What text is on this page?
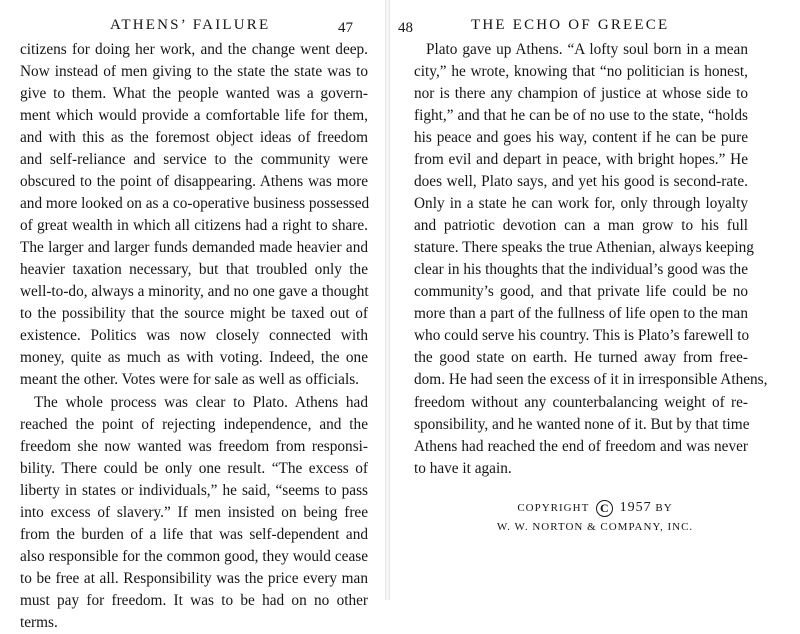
ATHENS’ FAILURE	47
citizens for doing her work, and the change went deep.
Now instead of men giving to the state the state was to
give to them. What the people wanted was a govern-
ment which would provide a comfortable life for them,
and with this as the foremost object ideas of freedom
and self-reliance and service to the community were
obscured to the point of disappearing. Athens was more
and more looked on as a co-operative business possessed
of great wealth in which all citizens had a right to share.
The larger and larger funds demanded made heavier and
heavier taxation necessary, but that troubled only the
well-to-do, always a minority, and no one gave a thought
to the possibility that the source might be taxed out of
existence. Politics was now closely connected with
money, quite as much as with voting. Indeed, the one
meant the other. Votes were for sale as well as officials.
The whole process was clear to Plato. Athens had
reached the point of rejecting independence, and the
freedom she now wanted was freedom from responsi-
bility. There could be only one result. “The excess of
liberty in states or individuals,” he said, “seems to pass
into excess of slavery.” If men insisted on being free
from the burden of a life that was self-dependent and
also responsible for the common good, they would cease
to be free at all. Responsibility was the price every man
must pay for freedom. It was to be had on no other
terms.
48	THE ECHO OF GREECE
Plato gave up Athens. “A lofty soul born in a mean
city,” he wrote, knowing that “no politician is honest,
nor is there any champion of justice at whose side to
fight,” and that he can be of no use to the state, “holds
his peace and goes his way, content if he can be pure
from evil and depart in peace, with bright hopes.” He
does well, Plato says, and yet his good is second-rate.
Only in a state he can work for, only through loyalty
and patriotic devotion can a man grow to his full
stature. There speaks the true Athenian, always keeping
clear in his thoughts that the individual’s good was the
community’s good, and that private life could be no
more than a part of the fullness of life open to the man
who could serve his country. This is Plato’s farewell to
the good state on earth. He turned away from free-
dom. He had seen the excess of it in irresponsible Athens,
freedom without any counterbalancing weight of re-
sponsibility, and he wanted none of it. But by that time
Athens had reached the end of freedom and was never
to have it again.
COPYRIGHT C 1957 BY
W. W. NORTON & COMPANY, INC.
